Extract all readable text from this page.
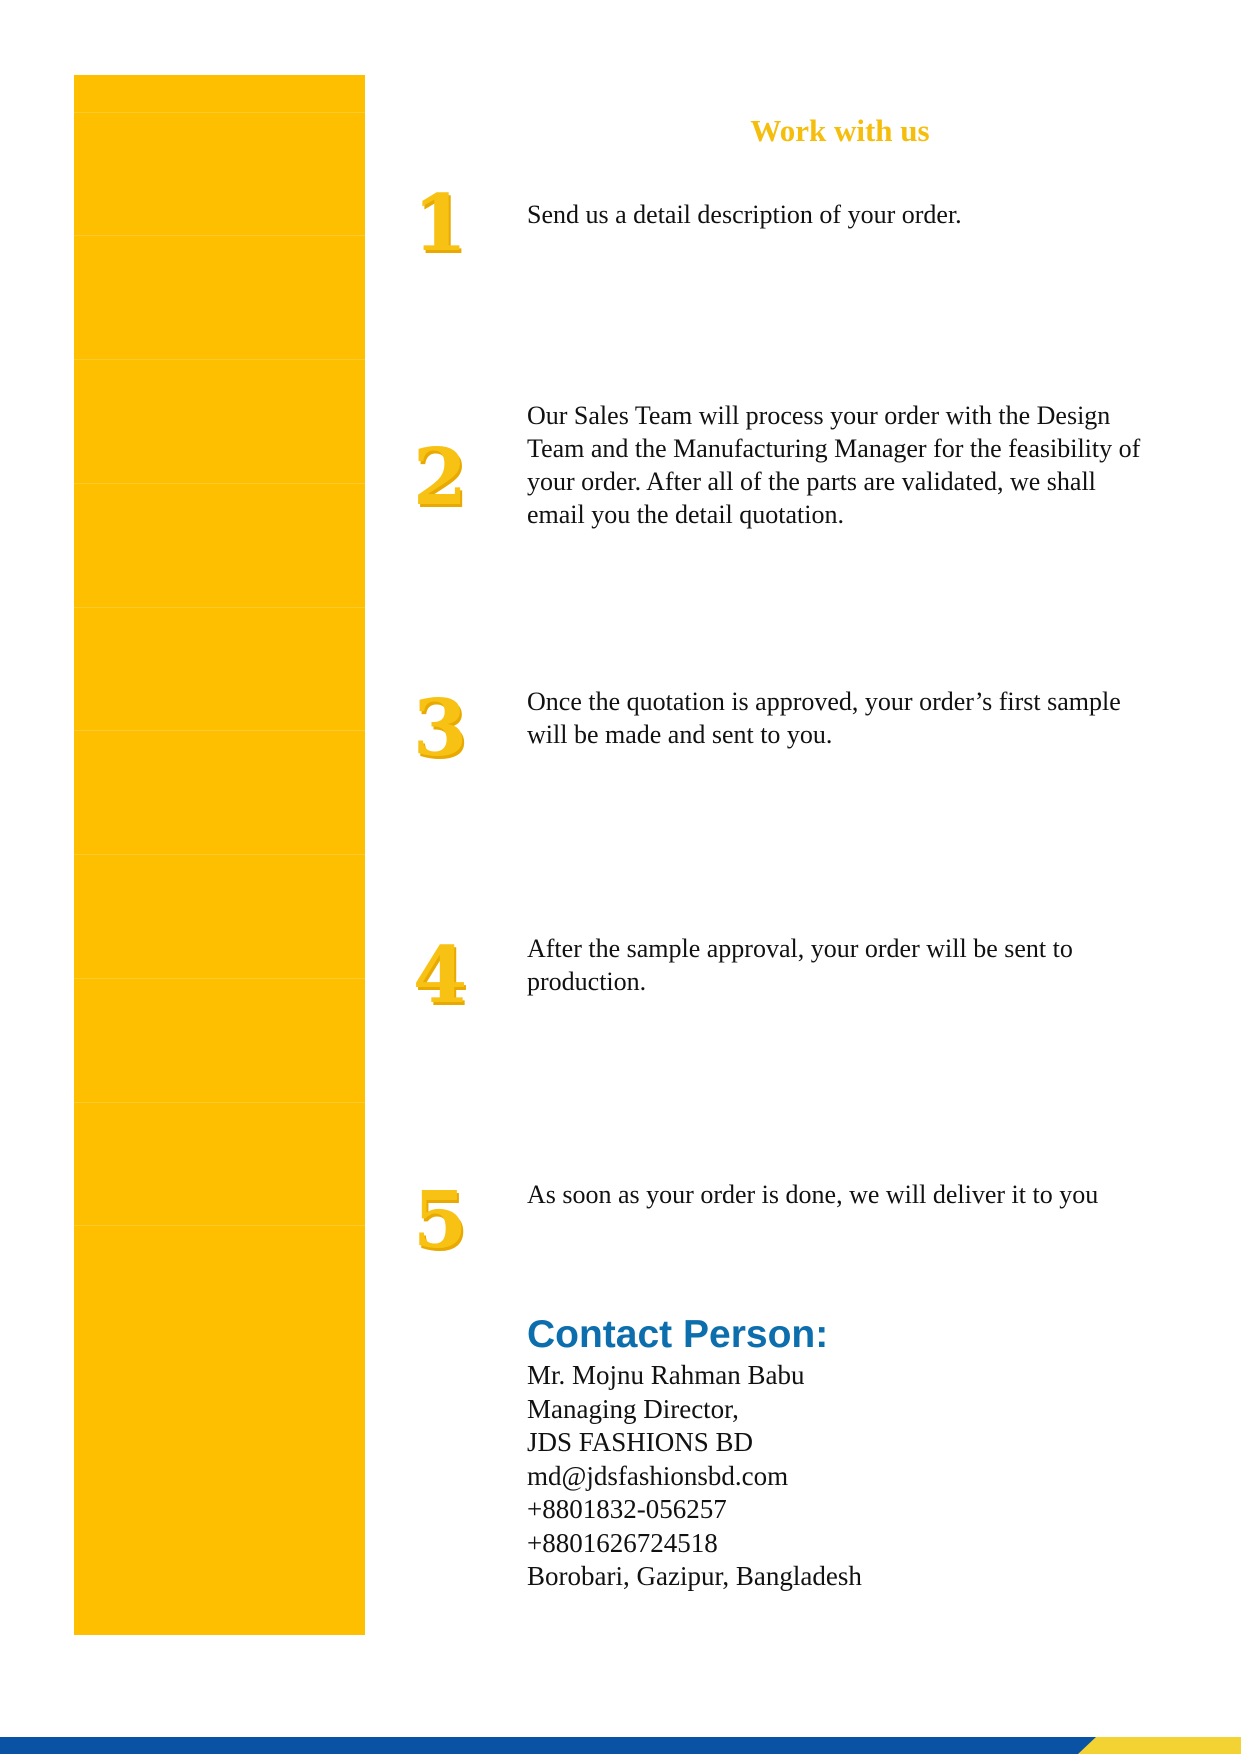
Work with us
1	Send us a detail description of your order.

2

Our Sales Team will process your order with the Design Team and the Manufacturing Manager for the feasibility of your order. After all of the parts are validated, we shall email you the detail quotation.

3	Once the quotation is approved, your order’s first sample will be made and sent to you.

4	After the sample approval, your order will be sent to production.

5	As soon as your order is done, we will deliver it to you

Contact Person:
Mr. Mojnu Rahman Babu
Managing Director,
JDS FASHIONS BD
md@jdsfashionsbd.com
+8801832-056257
+8801626724518
Borobari, Gazipur, Bangladesh
